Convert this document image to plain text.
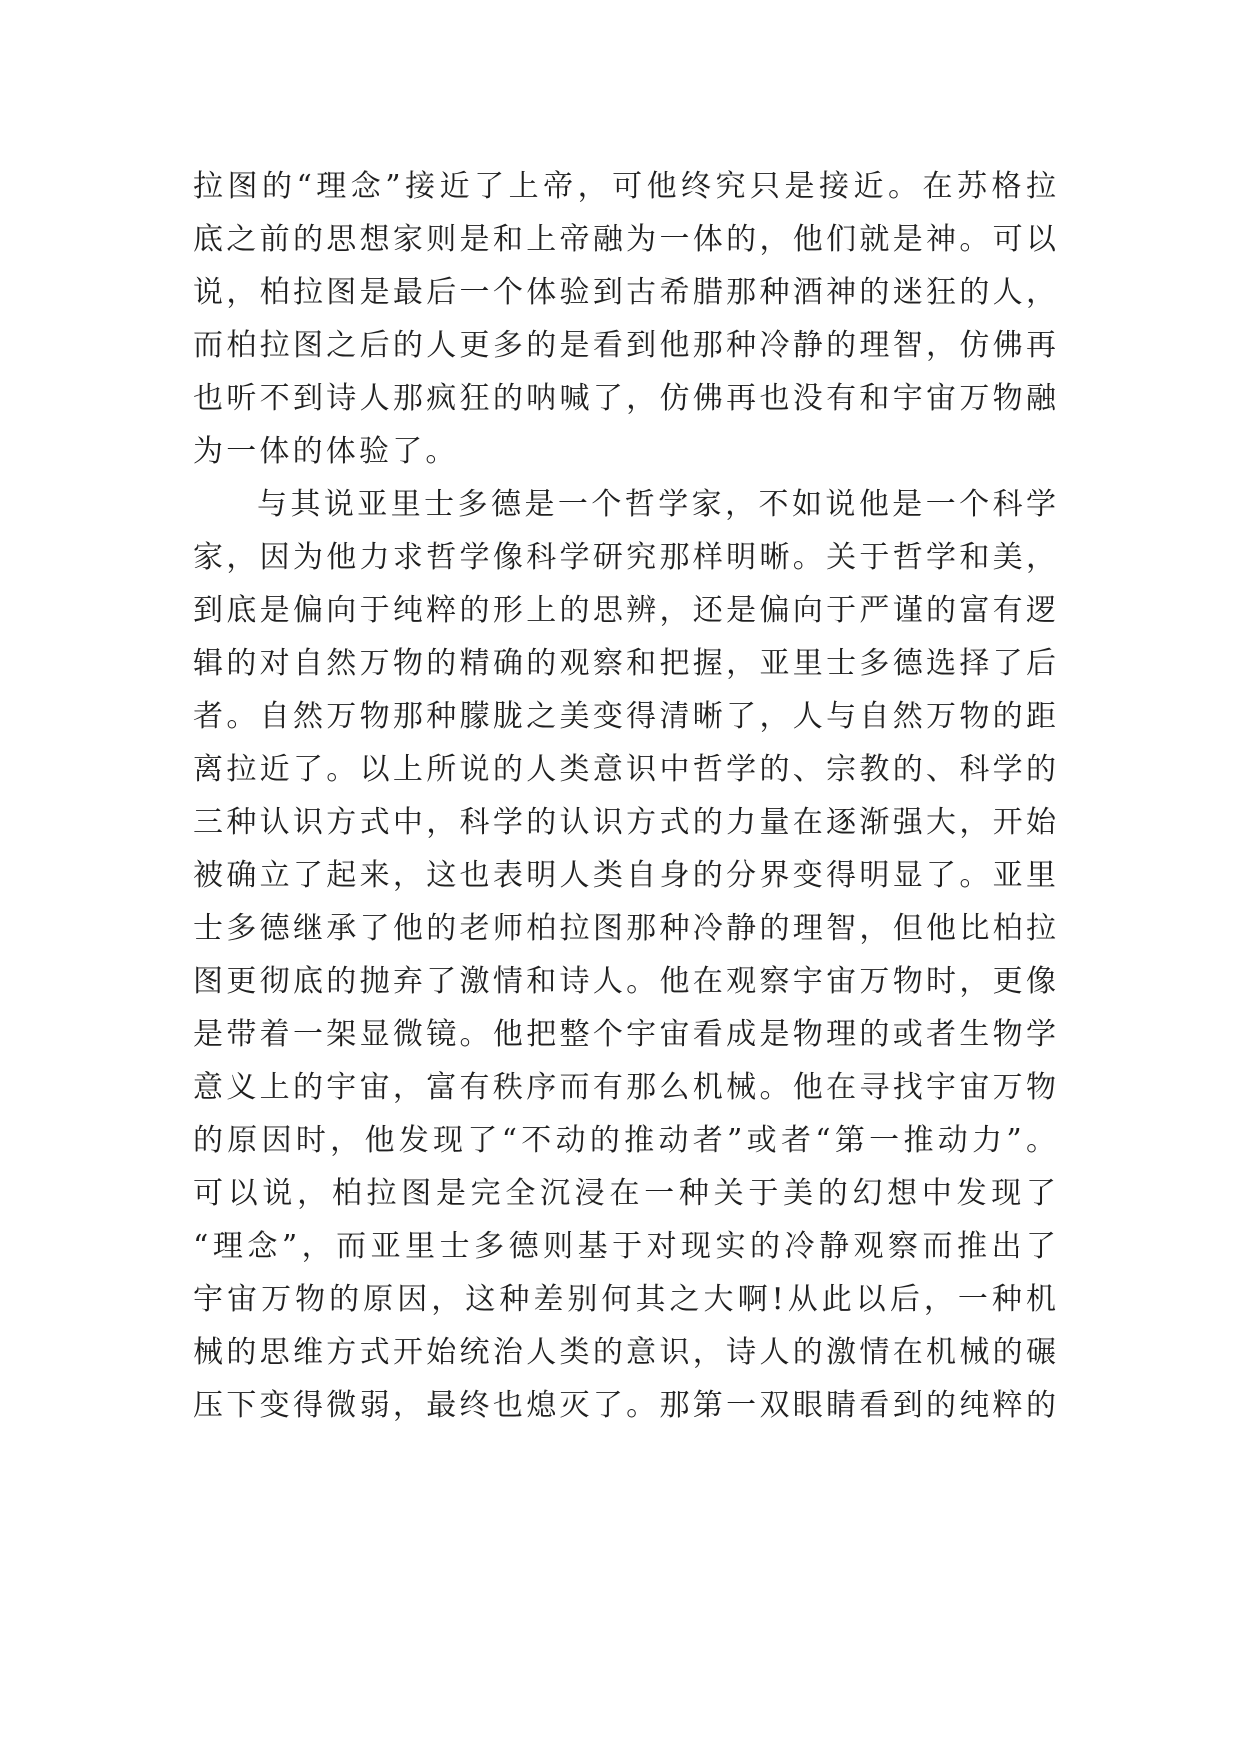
拉图的“理念”接近了上帝，可他终究只是接近。在苏格拉
底之前的思想家则是和上帝融为一体的，他们就是神。可以
说，柏拉图是最后一个体验到古希腊那种酒神的迷狂的人，
而柏拉图之后的人更多的是看到他那种冷静的理智，仿佛再
也听不到诗人那疯狂的呐喊了，仿佛再也没有和宇宙万物融
为一体的体验了。
与其说亚里士多德是一个哲学家，不如说他是一个科学
家，因为他力求哲学像科学研究那样明晰。关于哲学和美，
到底是偏向于纯粹的形上的思辨，还是偏向于严谨的富有逻
辑的对自然万物的精确的观察和把握，亚里士多德选择了后
者。自然万物那种朦胧之美变得清晰了，人与自然万物的距
离拉近了。以上所说的人类意识中哲学的、宗教的、科学的
三种认识方式中，科学的认识方式的力量在逐渐强大，开始
被确立了起来，这也表明人类自身的分界变得明显了。亚里
士多德继承了他的老师柏拉图那种冷静的理智，但他比柏拉
图更彻底的抛弃了激情和诗人。他在观察宇宙万物时，更像
是带着一架显微镜。他把整个宇宙看成是物理的或者生物学
意义上的宇宙，富有秩序而有那么机械。他在寻找宇宙万物
的原因时，他发现了“不动的推动者”或者“第一推动力”。
可以说，柏拉图是完全沉浸在一种关于美的幻想中发现了
“理念”，而亚里士多德则基于对现实的冷静观察而推出了
宇宙万物的原因，这种差别何其之大啊!从此以后，一种机
械的思维方式开始统治人类的意识，诗人的激情在机械的碾
压下变得微弱，最终也熄灭了。那第一双眼睛看到的纯粹的
